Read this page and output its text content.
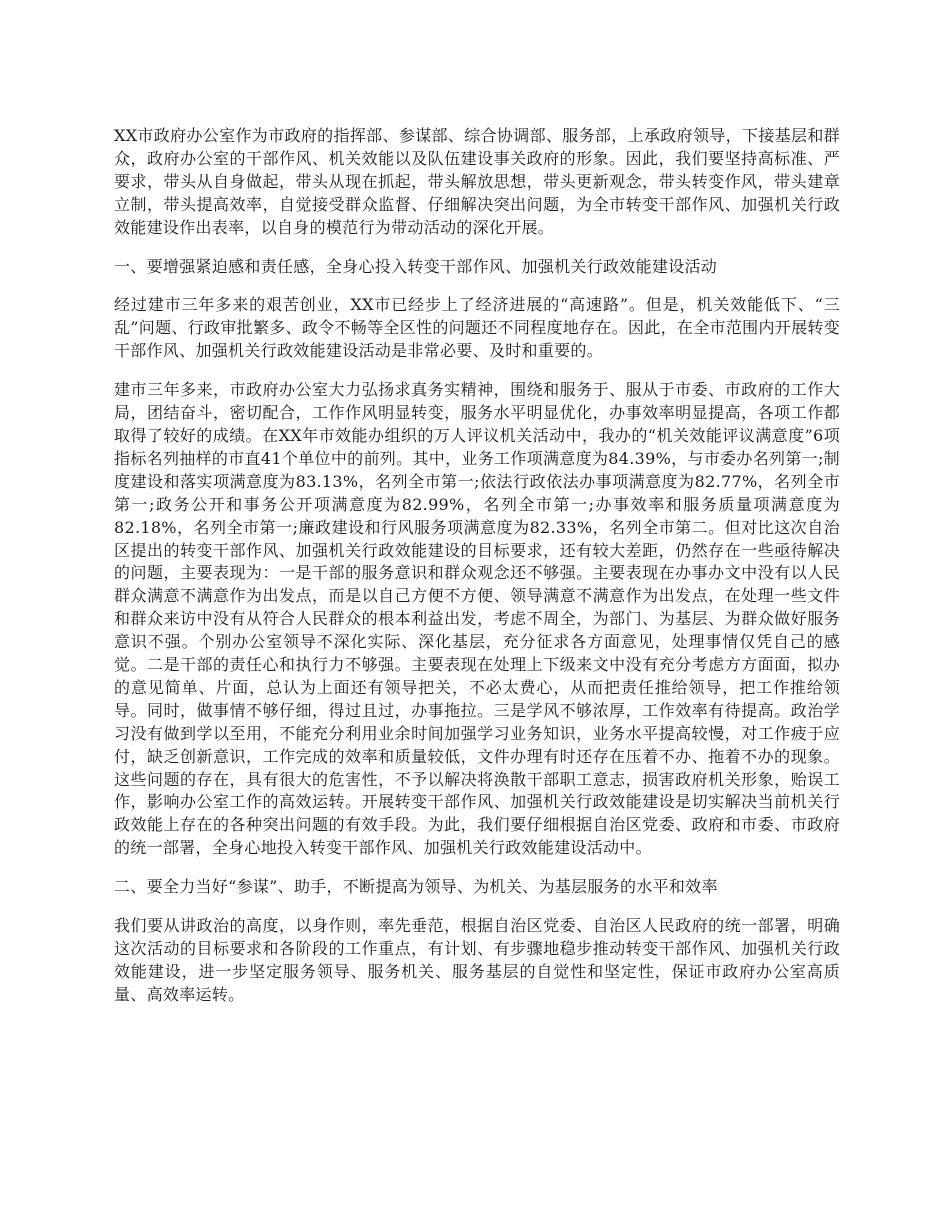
XX市政府办公室作为市政府的指挥部、参谋部、综合协调部、服务部，上承政府领导，下接基层和群众，政府办公室的干部作风、机关效能以及队伍建设事关政府的形象。因此，我们要坚持高标准、严要求，带头从自身做起，带头从现在抓起，带头解放思想，带头更新观念，带头转变作风，带头建章立制，带头提高效率，自觉接受群众监督、仔细解决突出问题，为全市转变干部作风、加强机关行政效能建设作出表率，以自身的模范行为带动活动的深化开展。

一、要增强紧迫感和责任感，全身心投入转变干部作风、加强机关行政效能建设活动

经过建市三年多来的艰苦创业，XX市已经步上了经济进展的“高速路”。但是，机关效能低下、“三乱”问题、行政审批繁多、政令不畅等全区性的问题还不同程度地存在。因此，在全市范围内开展转变干部作风、加强机关行政效能建设活动是非常必要、及时和重要的。

建市三年多来，市政府办公室大力弘扬求真务实精神，围绕和服务于、服从于市委、市政府的工作大局，团结奋斗，密切配合，工作作风明显转变，服务水平明显优化，办事效率明显提高，各项工作都取得了较好的成绩。在XX年市效能办组织的万人评议机关活动中，我办的“机关效能评议满意度”6项指标名列抽样的市直41个单位中的前列。其中，业务工作项满意度为84.39%，与市委办名列第一;制度建设和落实项满意度为83.13%，名列全市第一;依法行政依法办事项满意度为82.77%，名列全市第一;政务公开和事务公开项满意度为82.99%，名列全市第一;办事效率和服务质量项满意度为82.18%，名列全市第一;廉政建设和行风服务项满意度为82.33%，名列全市第二。但对比这次自治区提出的转变干部作风、加强机关行政效能建设的目标要求，还有较大差距，仍然存在一些亟待解决的问题，主要表现为：一是干部的服务意识和群众观念还不够强。主要表现在办事办文中没有以人民群众满意不满意作为出发点，而是以自己方便不方便、领导满意不满意作为出发点，在处理一些文件和群众来访中没有从符合人民群众的根本利益出发，考虑不周全，为部门、为基层、为群众做好服务意识不强。个别办公室领导不深化实际、深化基层，充分征求各方面意见，处理事情仅凭自己的感觉。二是干部的责任心和执行力不够强。主要表现在处理上下级来文中没有充分考虑方方面面，拟办的意见简单、片面，总认为上面还有领导把关，不必太费心，从而把责任推给领导，把工作推给领导。同时，做事情不够仔细，得过且过，办事拖拉。三是学风不够浓厚，工作效率有待提高。政治学习没有做到学以至用，不能充分利用业余时间加强学习业务知识，业务水平提高较慢，对工作疲于应付，缺乏创新意识，工作完成的效率和质量较低，文件办理有时还存在压着不办、拖着不办的现象。这些问题的存在，具有很大的危害性，不予以解决将涣散干部职工意志，损害政府机关形象，贻误工作，影响办公室工作的高效运转。开展转变干部作风、加强机关行政效能建设是切实解决当前机关行政效能上存在的各种突出问题的有效手段。为此，我们要仔细根据自治区党委、政府和市委、市政府的统一部署，全身心地投入转变干部作风、加强机关行政效能建设活动中。

二、要全力当好“参谋”、助手，不断提高为领导、为机关、为基层服务的水平和效率

我们要从讲政治的高度，以身作则，率先垂范，根据自治区党委、自治区人民政府的统一部署，明确这次活动的目标要求和各阶段的工作重点，有计划、有步骤地稳步推动转变干部作风、加强机关行政效能建设，进一步坚定服务领导、服务机关、服务基层的自觉性和坚定性，保证市政府办公室高质量、高效率运转。
